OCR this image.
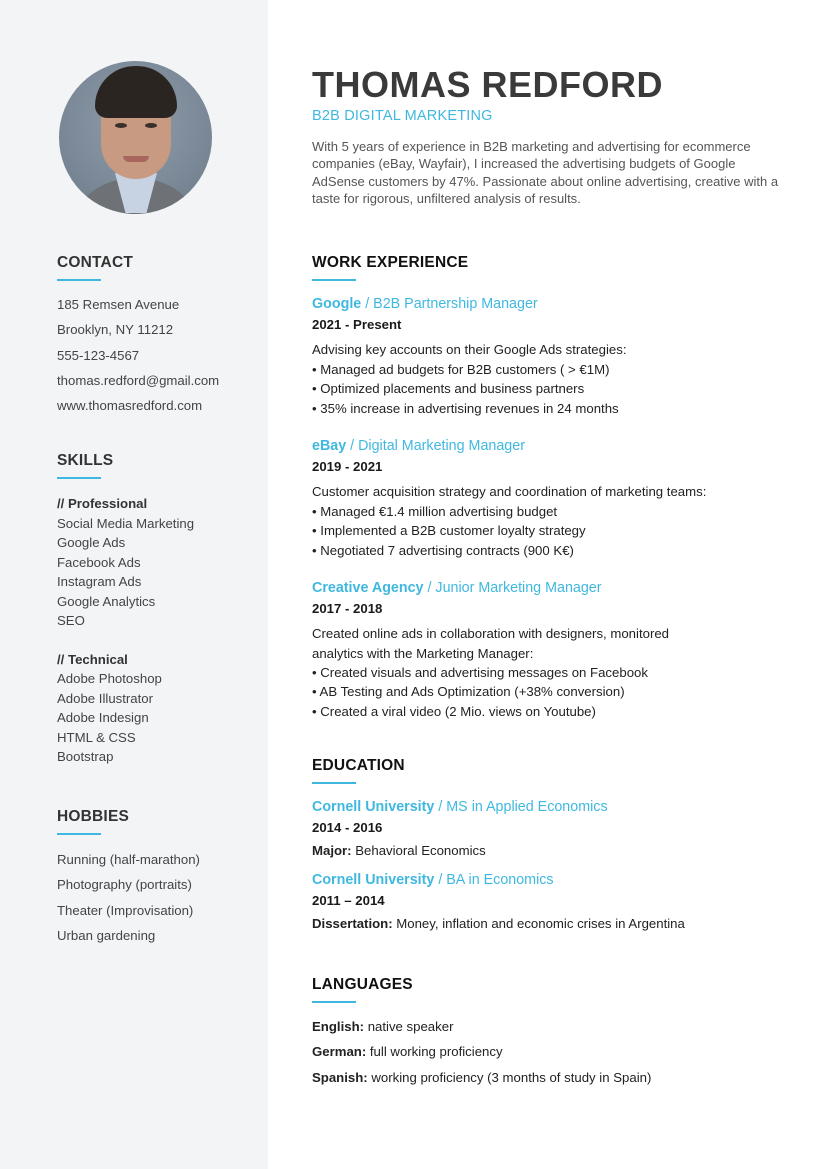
CONTACT
185 Remsen Avenue
Brooklyn, NY 11212
555-123-4567
thomas.redford@gmail.com
www.thomasredford.com
SKILLS
// Professional
Social Media Marketing
Google Ads
Facebook Ads
Instagram Ads
Google Analytics
SEO
// Technical
Adobe Photoshop
Adobe Illustrator
Adobe Indesign
HTML & CSS
Bootstrap
HOBBIES
Running (half-marathon)
Photography (portraits)
Theater (Improvisation)
Urban gardening
THOMAS REDFORD
B2B DIGITAL MARKETING
With 5 years of experience in B2B marketing and advertising for ecommerce companies (eBay, Wayfair), I increased the advertising budgets of Google AdSense customers by 47%. Passionate about online advertising, creative with a taste for rigorous, unfiltered analysis of results.
WORK EXPERIENCE
Google / B2B Partnership Manager
2021 - Present
Advising key accounts on their Google Ads strategies:
• Managed ad budgets for B2B customers ( > €1M)
• Optimized placements and business partners
• 35% increase in advertising revenues in 24 months
eBay / Digital Marketing Manager
2019 - 2021
Customer acquisition strategy and coordination of marketing teams:
• Managed €1.4 million advertising budget
• Implemented a B2B customer loyalty strategy
• Negotiated 7 advertising contracts (900 K€)
Creative Agency / Junior Marketing Manager
2017 - 2018
Created online ads in collaboration with designers, monitored analytics with the Marketing Manager:
• Created visuals and advertising messages on Facebook
• AB Testing and Ads Optimization (+38% conversion)
• Created a viral video (2 Mio. views on Youtube)
EDUCATION
Cornell University / MS in Applied Economics
2014 - 2016
Major: Behavioral Economics
Cornell University / BA in Economics
2011 – 2014
Dissertation: Money, inflation and economic crises in Argentina
LANGUAGES
English: native speaker
German: full working proficiency
Spanish: working proficiency (3 months of study in Spain)
